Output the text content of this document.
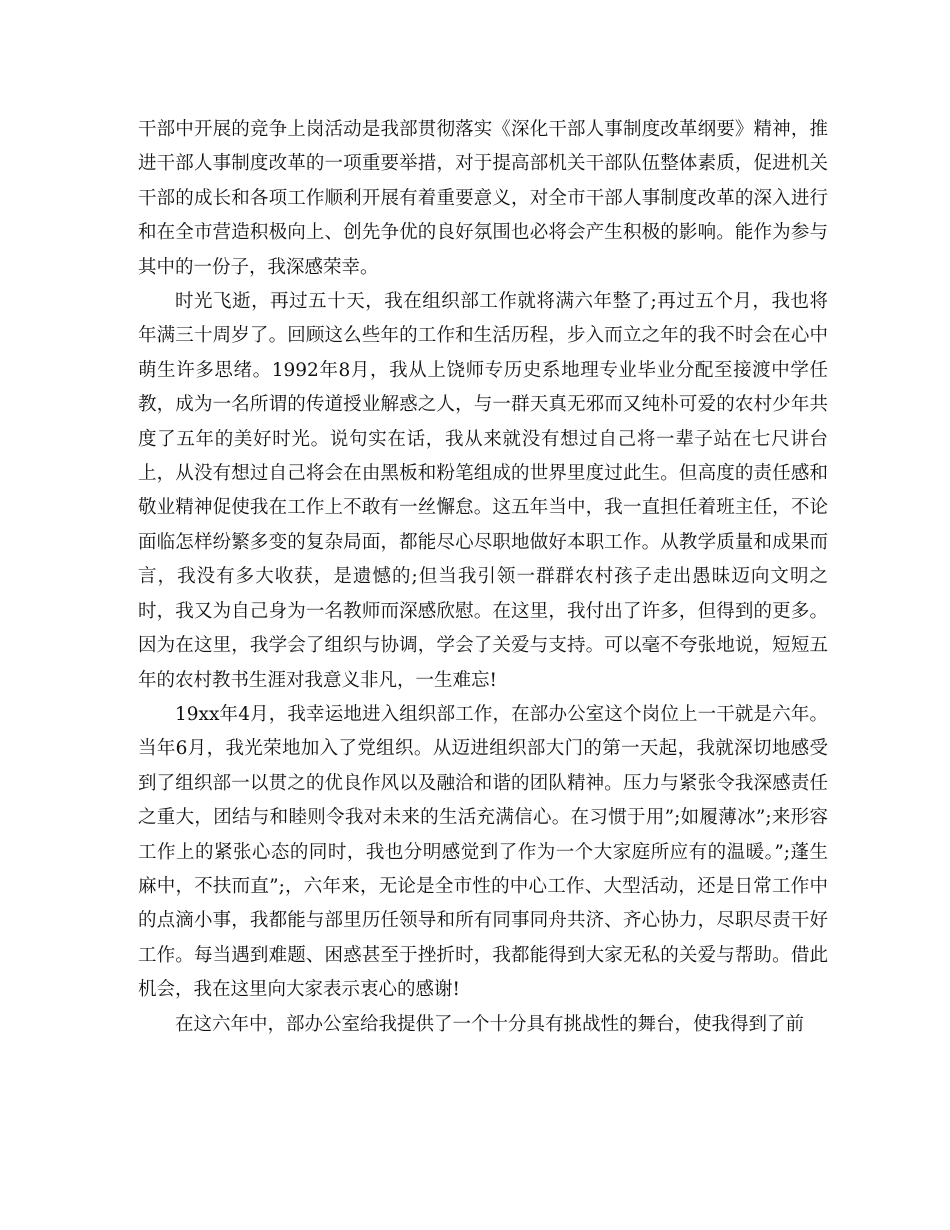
干部中开展的竞争上岗活动是我部贯彻落实《深化干部人事制度改革纲要》精神，推进干部人事制度改革的一项重要举措，对于提高部机关干部队伍整体素质，促进机关干部的成长和各项工作顺利开展有着重要意义，对全市干部人事制度改革的深入进行和在全市营造积极向上、创先争优的良好氛围也必将会产生积极的影响。能作为参与其中的一份子，我深感荣幸。

时光飞逝，再过五十天，我在组织部工作就将满六年整了;再过五个月，我也将年满三十周岁了。回顾这么些年的工作和生活历程，步入而立之年的我不时会在心中萌生许多思绪。1992年8月，我从上饶师专历史系地理专业毕业分配至接渡中学任教，成为一名所谓的传道授业解惑之人，与一群天真无邪而又纯朴可爱的农村少年共度了五年的美好时光。说句实在话，我从来就没有想过自己将一辈子站在七尺讲台上，从没有想过自己将会在由黑板和粉笔组成的世界里度过此生。但高度的责任感和敬业精神促使我在工作上不敢有一丝懈怠。这五年当中，我一直担任着班主任，不论面临怎样纷繁多变的复杂局面，都能尽心尽职地做好本职工作。从教学质量和成果而言，我没有多大收获，是遗憾的;但当我引领一群群农村孩子走出愚昧迈向文明之时，我又为自己身为一名教师而深感欣慰。在这里，我付出了许多，但得到的更多。因为在这里，我学会了组织与协调，学会了关爱与支持。可以毫不夸张地说，短短五年的农村教书生涯对我意义非凡，一生难忘!

19xx年4月，我幸运地进入组织部工作，在部办公室这个岗位上一干就是六年。当年6月，我光荣地加入了党组织。从迈进组织部大门的第一天起，我就深切地感受到了组织部一以贯之的优良作风以及融洽和谐的团队精神。压力与紧张令我深感责任之重大，团结与和睦则令我对未来的生活充满信心。在习惯于用”;如履薄冰”;来形容工作上的紧张心态的同时，我也分明感觉到了作为一个大家庭所应有的温暖。”;蓬生麻中，不扶而直”;，六年来，无论是全市性的中心工作、大型活动，还是日常工作中的点滴小事，我都能与部里历任领导和所有同事同舟共济、齐心协力，尽职尽责干好工作。每当遇到难题、困惑甚至于挫折时，我都能得到大家无私的关爱与帮助。借此机会，我在这里向大家表示衷心的感谢!

在这六年中，部办公室给我提供了一个十分具有挑战性的舞台，使我得到了前
